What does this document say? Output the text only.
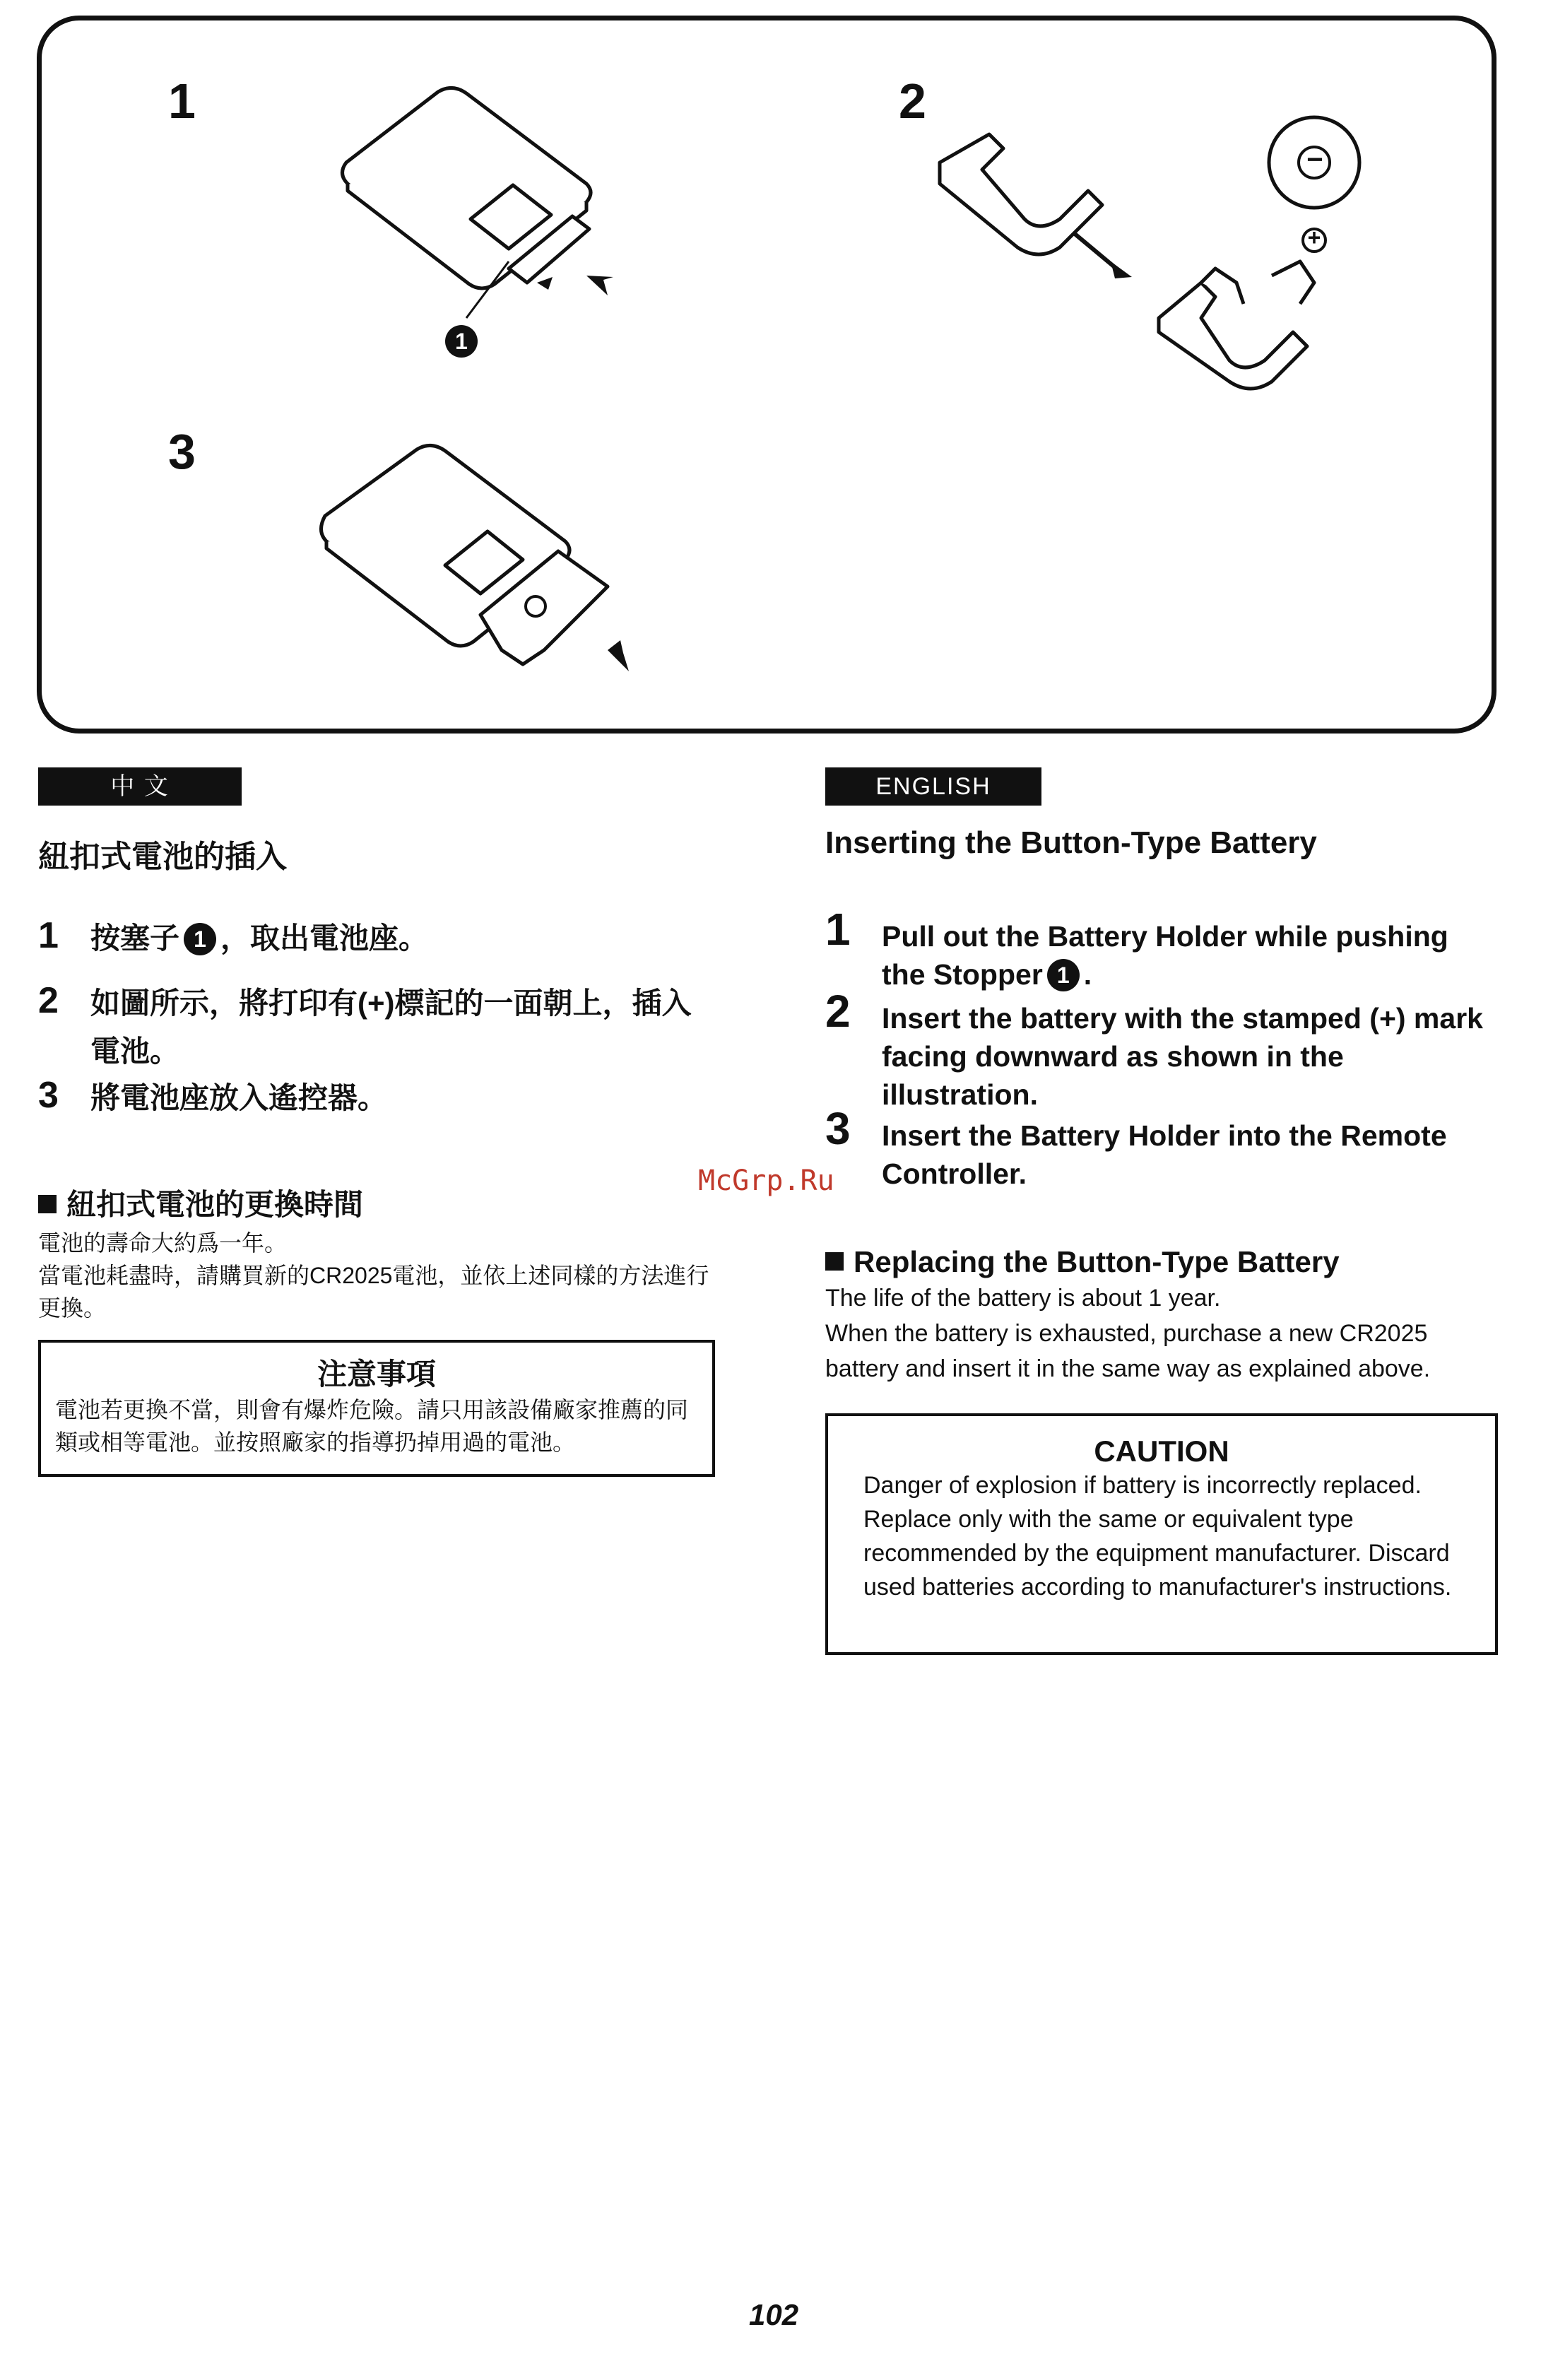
1	2
3
1
−
+
中 文
紐扣式電池的插入
1 按塞子 1 ，取出電池座。
2 如圖所示，將打印有(+)標記的一面朝上，插入電池。
3 將電池座放入遙控器。
紐扣式電池的更換時間
電池的壽命大約爲一年。
當電池耗盡時，請購買新的CR2025電池，並依上述同樣的方法進行更換。
注意事項
電池若更換不當，則會有爆炸危險。請只用該設備廠家推薦的同類或相等電池。並按照廠家的指導扔掉用過的電池。
ENGLISH
Inserting the Button-Type Battery
1 Pull out the Battery Holder while pushing the Stopper 1 .
2 Insert the battery with the stamped (+) mark facing downward as shown in the illustration.
3 Insert the Battery Holder into the Remote Controller.
Replacing the Button-Type Battery
The life of the battery is about 1 year.
When the battery is exhausted, purchase a new CR2025 battery and insert it in the same way as explained above.
CAUTION
Danger of explosion if battery is incorrectly replaced. Replace only with the same or equivalent type recommended by the equipment manufacturer. Discard used batteries according to manufacturer's instructions.
McGrp.Ru
102
